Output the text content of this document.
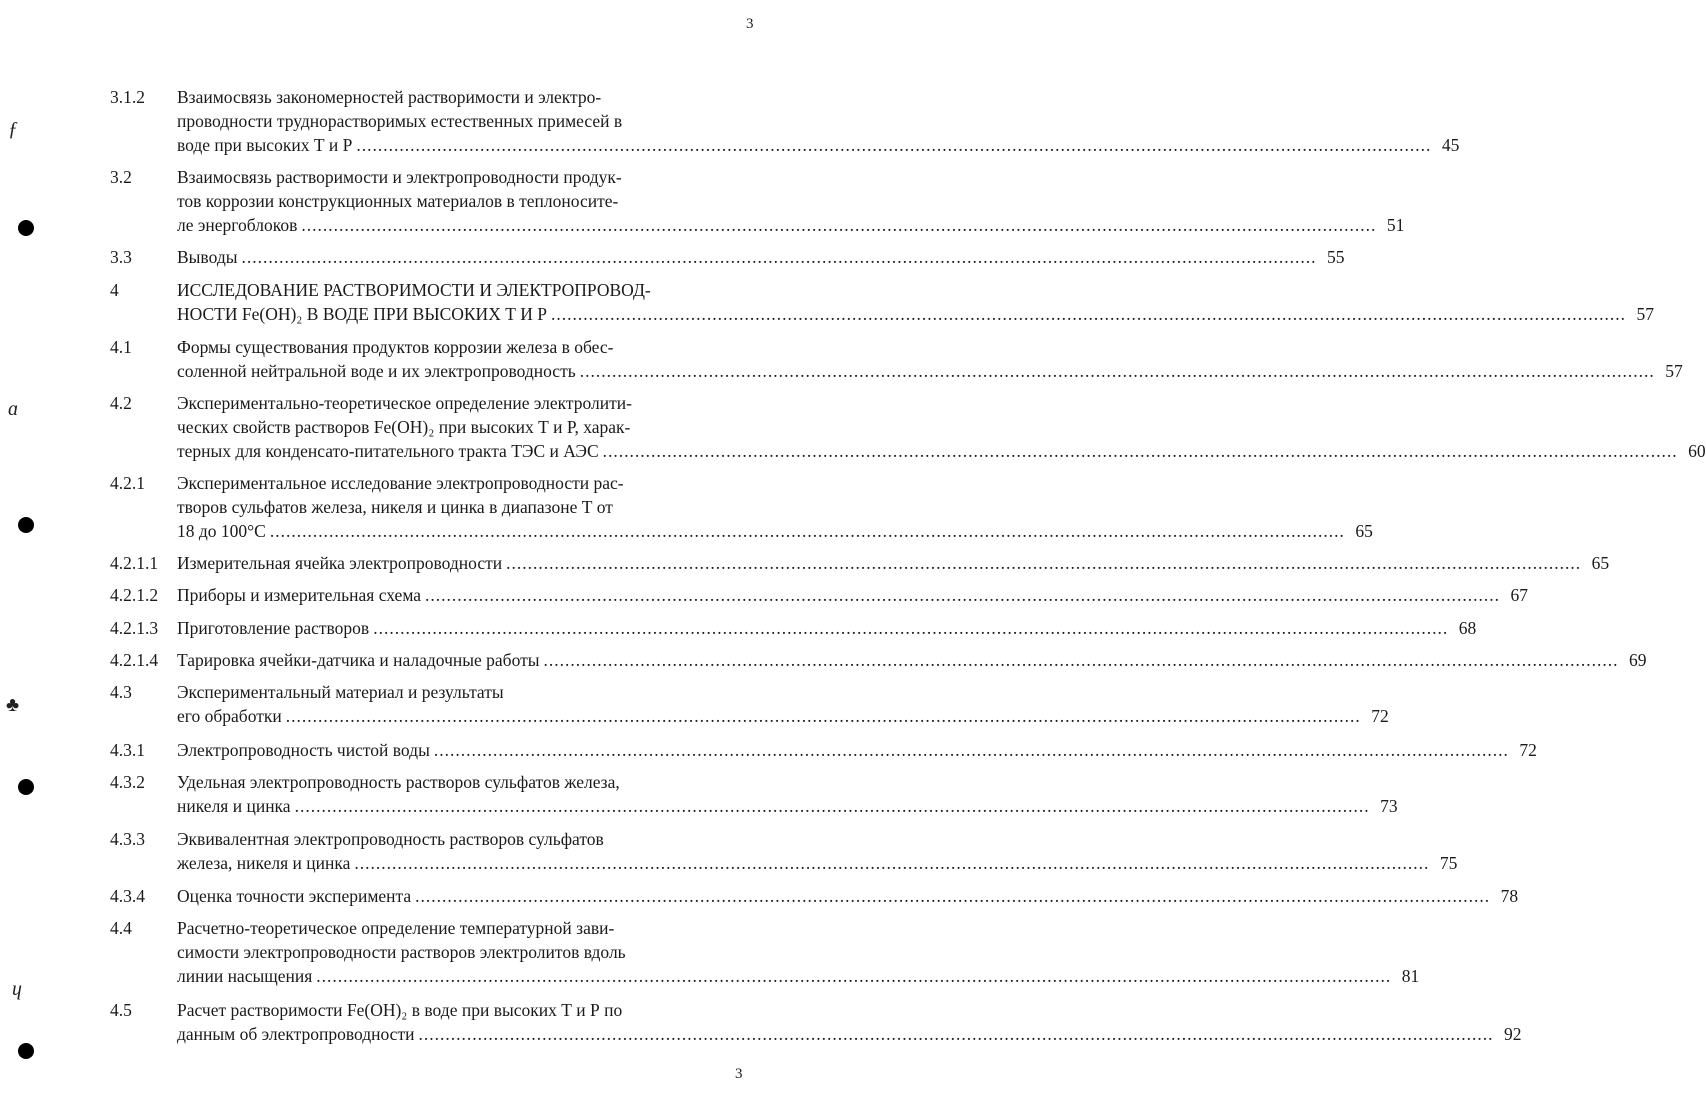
3
3
3.1.2 Взаимосвязь закономерностей растворимости и электро-
проводности труднорастворимых естественных примесей в
воде при высоких Т и Р ........................................................................................................................................................................................................ 45
3.2	Взаимосвязь растворимости и электропроводности продук-
тов коррозии конструкционных материалов в теплоносите-
ле энергоблоков ........................................................................................................................................................................................................ 51
3.3	Выводы ........................................................................................................................................................................................................ 55
4	ИССЛЕДОВАНИЕ РАСТВОРИМОСТИ И ЭЛЕКТРОПРОВОД-
НОСТИ Fe(OH)₂ В ВОДЕ ПРИ ВЫСОКИХ Т И Р ........................................................................................................................................................................................................ 57
4.1	Формы существования продуктов коррозии железа в обес-
соленной нейтральной воде и их электропроводность ........................................................................................................................................................................................................ 57
4.2	Экспериментально-теоретическое определение электролити-
ческих свойств растворов Fe(OH)₂ при высоких Т и Р, харак-
терных для конденсато-питательного тракта ТЭС и АЭС ........................................................................................................................................................................................................ 60
4.2.1 Экспериментальное исследование электропроводности рас-
творов сульфатов железа, никеля и цинка в диапазоне Т от
18 до 100°С ........................................................................................................................................................................................................ 65
4.2.1.1 Измерительная ячейка электропроводности ........................................................................................................................................................................................................ 65
4.2.1.2 Приборы и измерительная схема ........................................................................................................................................................................................................ 67
4.2.1.3 Приготовление растворов ........................................................................................................................................................................................................ 68
4.2.1.4 Тарировка ячейки-датчика и наладочные работы ........................................................................................................................................................................................................ 69
4.3	Экспериментальный материал и результаты
его обработки ........................................................................................................................................................................................................ 72
4.3.1 Электропроводность чистой воды ........................................................................................................................................................................................................ 72
4.3.2 Удельная электропроводность растворов сульфатов железа,
никеля и цинка ........................................................................................................................................................................................................ 73
4.3.3 Эквивалентная электропроводность растворов сульфатов
железа, никеля и цинка ........................................................................................................................................................................................................ 75
4.3.4 Оценка точности эксперимента ........................................................................................................................................................................................................ 78
4.4	Расчетно-теоретическое определение температурной зави-
симости электропроводности растворов электролитов вдоль
линии насыщения ........................................................................................................................................................................................................ 81
4.5	Расчет растворимости Fe(OH)₂ в воде при высоких Т и Р по
данным об электропроводности ........................................................................................................................................................................................................ 92
ƒ
ɑ
♣
ɥ
